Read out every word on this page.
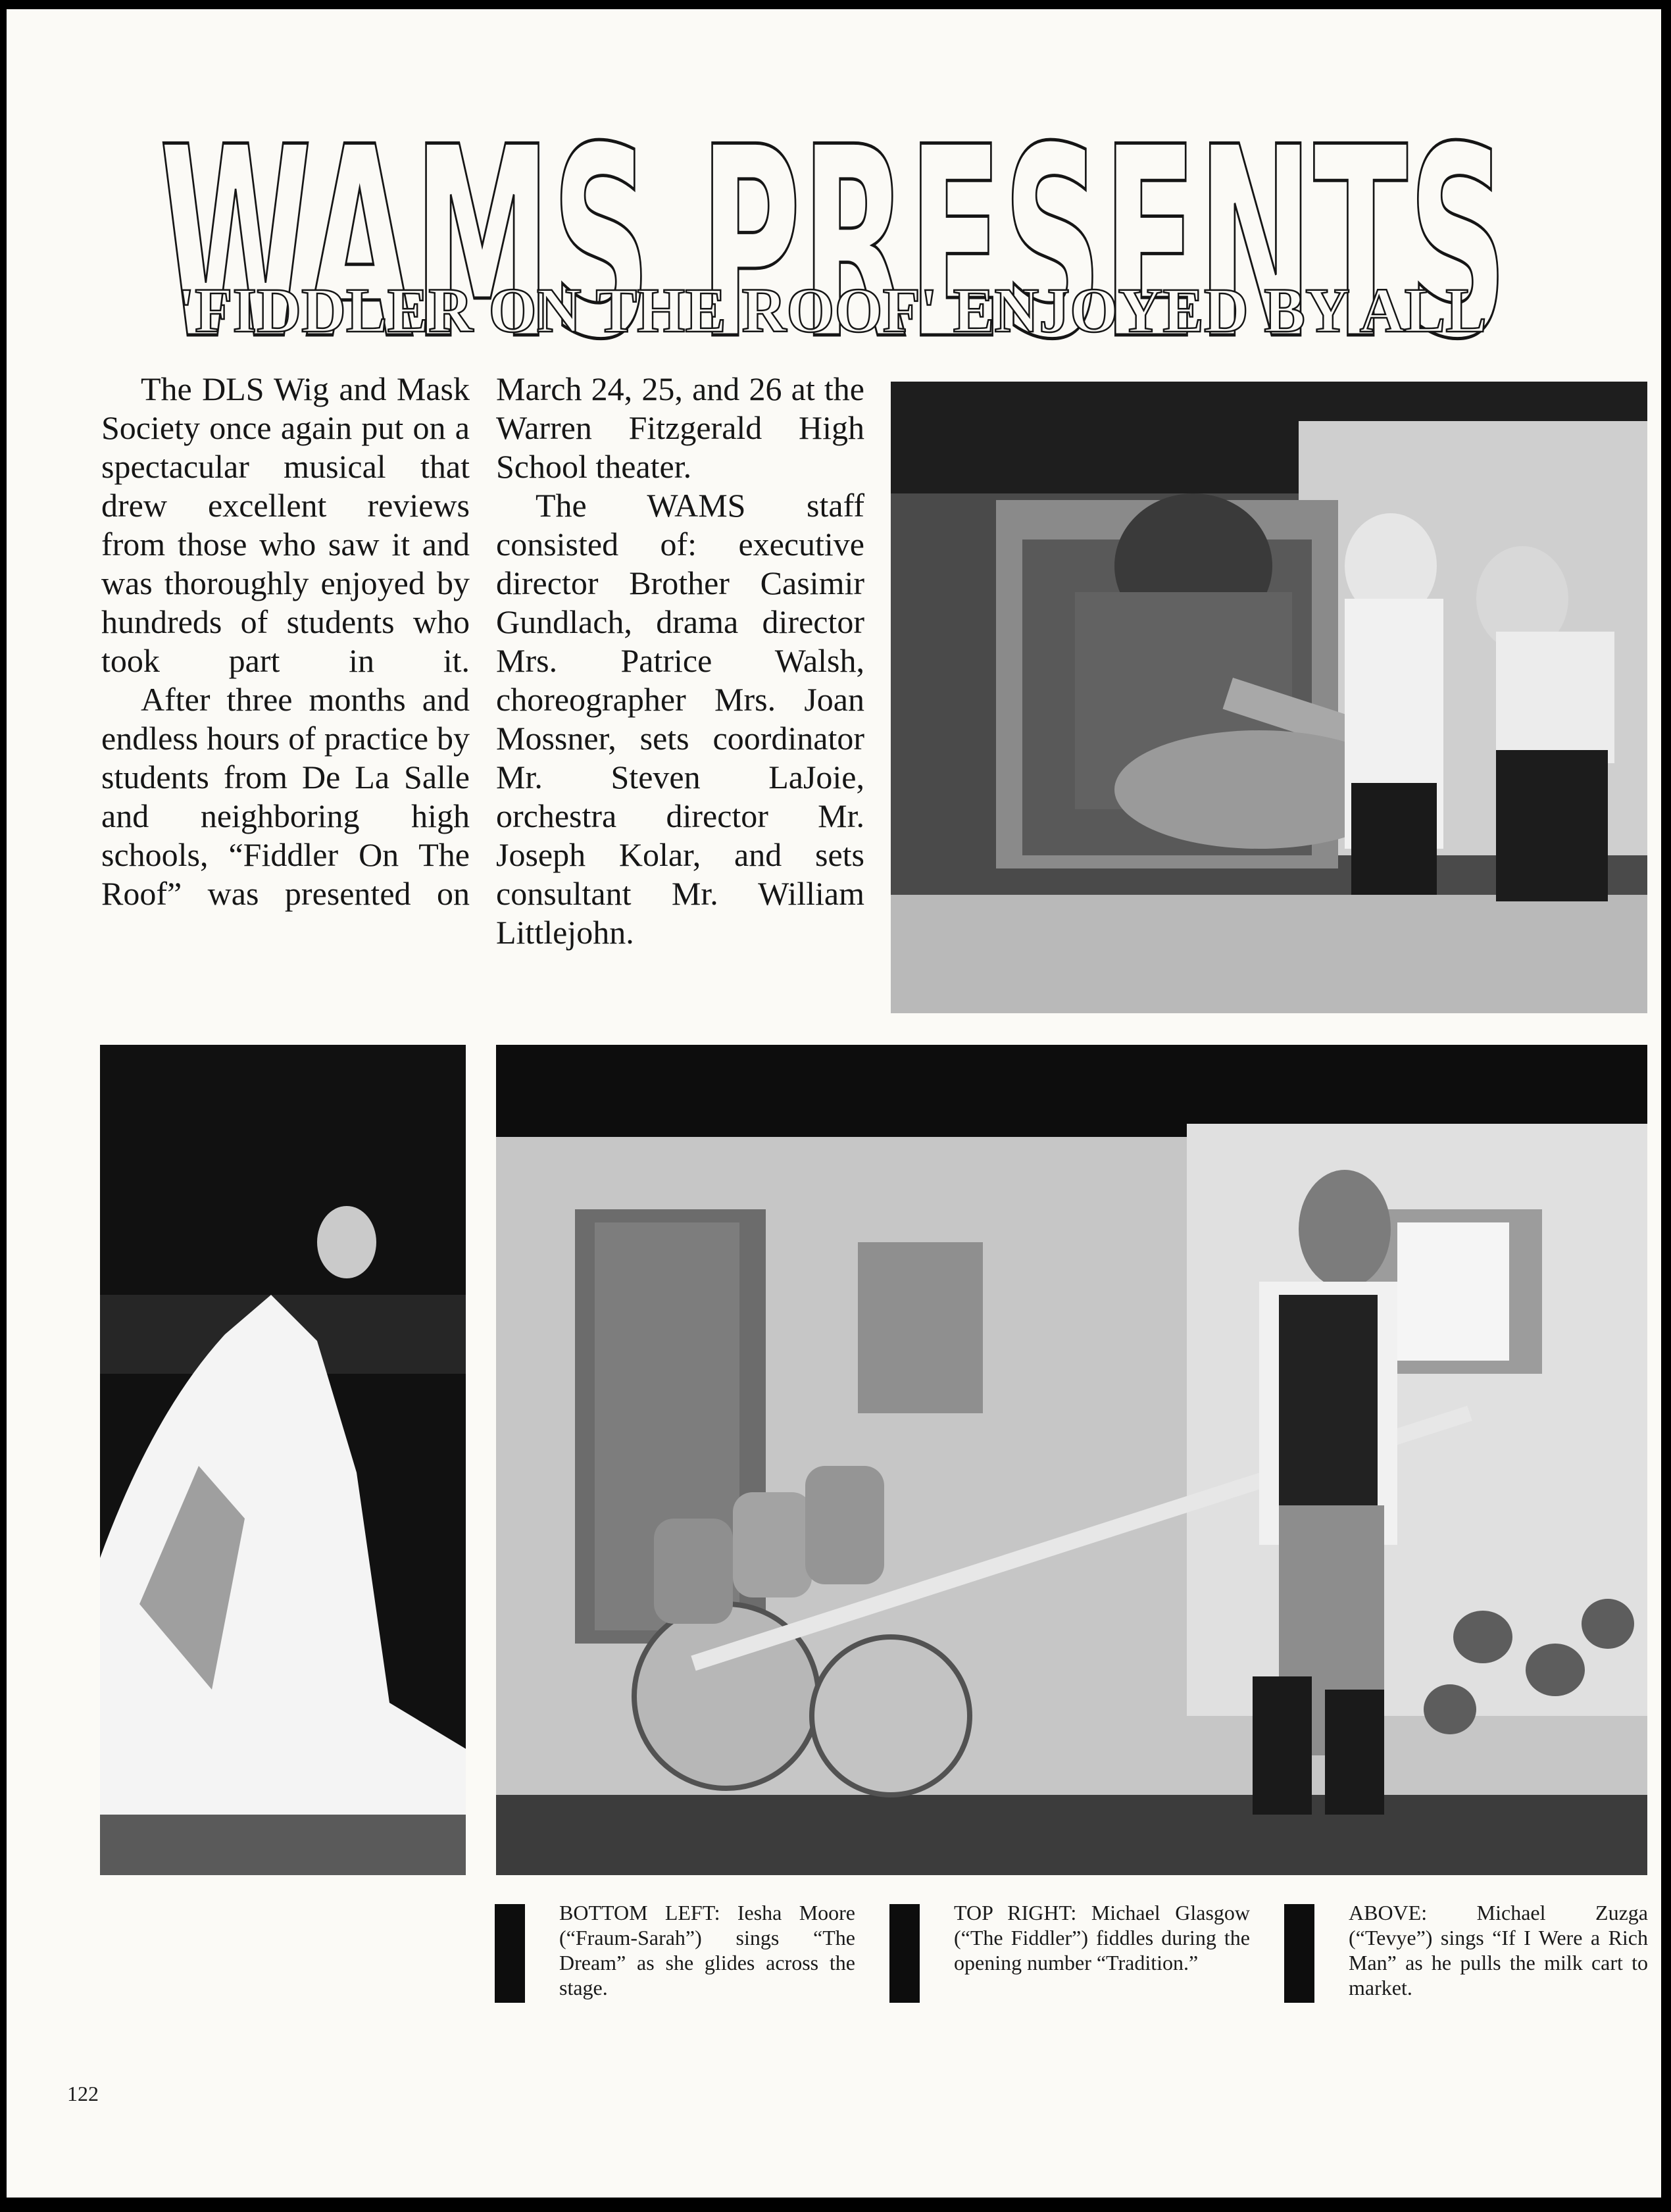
WAMS PRESENTS
'FIDDLER ON THE ROOF' ENJOYED BY ALL

The DLS Wig and Mask Society once again put on a spectacular musical that drew excellent reviews from those who saw it and was thoroughly enjoyed by hundreds of students who took part in it.

After three months and endless hours of practice by students from De La Salle and neighboring high schools, “Fiddler On The Roof” was presented on

March 24, 25, and 26 at the Warren Fitzgerald High School theater.

The WAMS staff consisted of: executive director Brother Casimir Gundlach, drama director Mrs. Patrice Walsh, choreographer Mrs. Joan Mossner, sets coordinator Mr. Steven LaJoie, orchestra director Mr. Joseph Kolar, and sets consultant Mr. William Littlejohn.

BOTTOM LEFT: Iesha Moore (“Fraum-Sarah”) sings “The Dream” as she glides across the stage.
TOP RIGHT: Michael Glasgow (“The Fiddler”) fiddles during the opening number “Tradition.”
ABOVE: Michael Zuzga (“Tevye”) sings “If I Were a Rich Man” as he pulls the milk cart to market.
122
